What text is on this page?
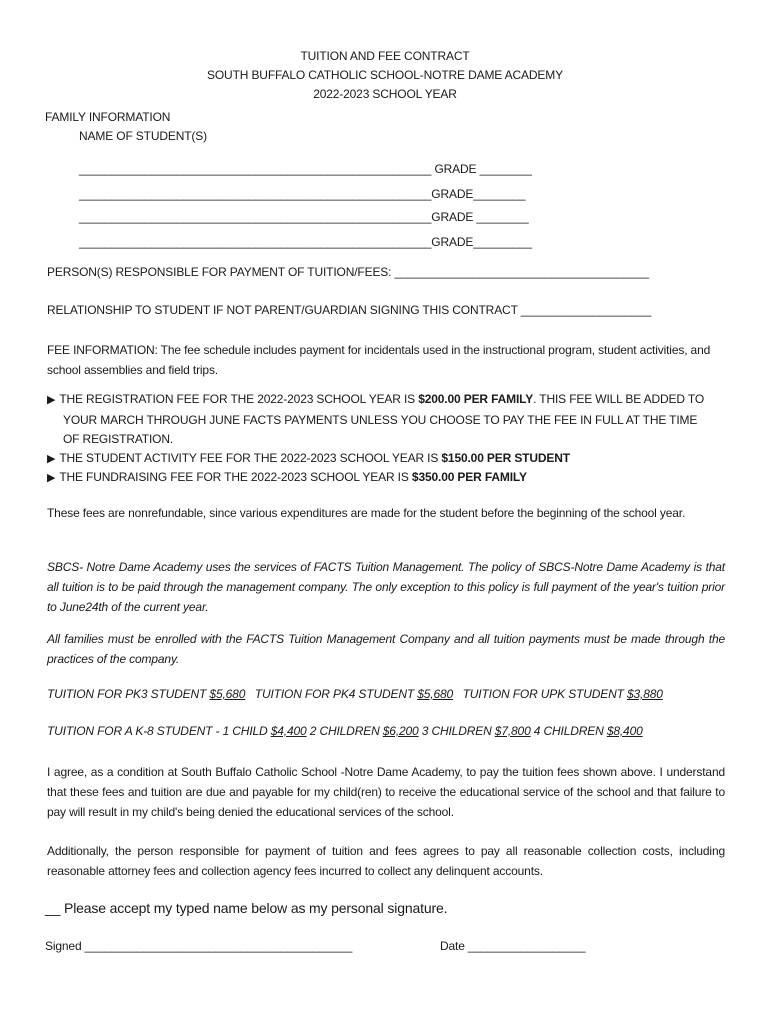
TUITION AND FEE CONTRACT
SOUTH BUFFALO CATHOLIC SCHOOL-NOTRE DAME ACADEMY
2022-2023 SCHOOL YEAR
FAMILY INFORMATION
NAME OF STUDENT(S)
______________________________________________________ GRADE ________
______________________________________________________GRADE________
______________________________________________________GRADE ________
______________________________________________________GRADE_________
PERSON(S) RESPONSIBLE FOR PAYMENT OF TUITION/FEES: _______________________________________
RELATIONSHIP TO STUDENT IF NOT PARENT/GUARDIAN SIGNING THIS CONTRACT ____________________
FEE INFORMATION: The fee schedule includes payment for incidentals used in the instructional program, student activities, and school assemblies and field trips.
▶ THE REGISTRATION FEE FOR THE 2022-2023 SCHOOL YEAR IS $200.00 PER FAMILY. THIS FEE WILL BE ADDED TO
YOUR MARCH THROUGH JUNE FACTS PAYMENTS UNLESS YOU CHOOSE TO PAY THE FEE IN FULL AT THE TIME OF REGISTRATION.
▶ THE STUDENT ACTIVITY FEE FOR THE 2022-2023 SCHOOL YEAR IS $150.00 PER STUDENT
▶ THE FUNDRAISING FEE FOR THE 2022-2023 SCHOOL YEAR IS $350.00 PER FAMILY
These fees are nonrefundable, since various expenditures are made for the student before the beginning of the school year.
SBCS- Notre Dame Academy uses the services of FACTS Tuition Management. The policy of SBCS-Notre Dame Academy is that all tuition is to be paid through the management company. The only exception to this policy is full payment of the year's tuition prior to June24th of the current year.
All families must be enrolled with the FACTS Tuition Management Company and all tuition payments must be made through the practices of the company.
TUITION FOR PK3 STUDENT $5,680 TUITION FOR PK4 STUDENT $5,680 TUITION FOR UPK STUDENT $3,880
TUITION FOR A K-8 STUDENT - 1 CHILD $4,400 2 CHILDREN $6,200 3 CHILDREN $7,800 4 CHILDREN $8,400
I agree, as a condition at South Buffalo Catholic School -Notre Dame Academy, to pay the tuition fees shown above. I understand that these fees and tuition are due and payable for my child(ren) to receive the educational service of the school and that failure to pay will result in my child's being denied the educational services of the school.
Additionally, the person responsible for payment of tuition and fees agrees to pay all reasonable collection costs, including reasonable attorney fees and collection agency fees incurred to collect any delinquent accounts.
__ Please accept my typed name below as my personal signature.
Signed _________________________________________	Date __________________
